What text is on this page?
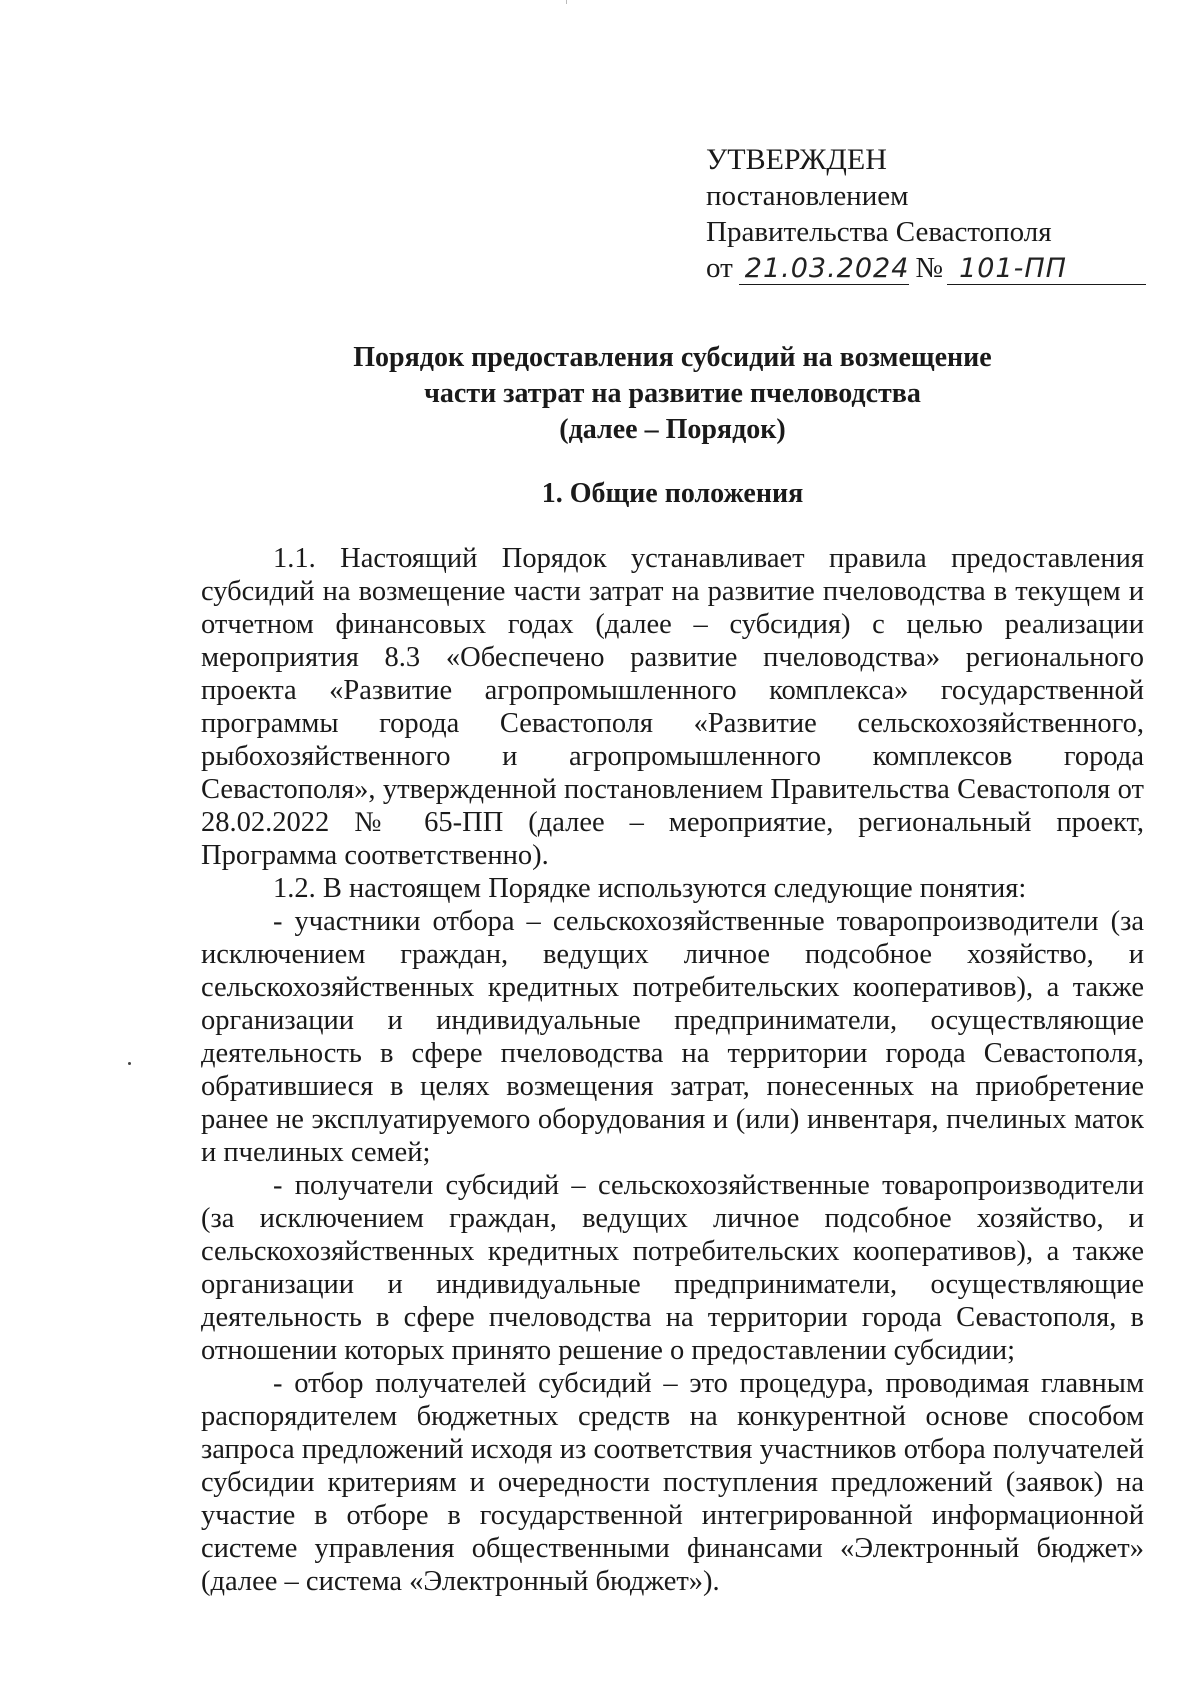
УТВЕРЖДЕН
постановлением
Правительства Севастополя
от 21.03.2024 № 101-ПП
Порядок предоставления субсидий на возмещение
части затрат на развитие пчеловодства
(далее – Порядок)
1. Общие положения

1.1. Настоящий Порядок устанавливает правила предоставления субсидий на возмещение части затрат на развитие пчеловодства в текущем и отчетном финансовых годах (далее – субсидия) с целью реализации мероприятия 8.3 «Обеспечено развитие пчеловодства» регионального проекта «Развитие агропромышленного комплекса» государственной программы города Севастополя «Развитие сельскохозяйственного, рыбохозяйственного и агропромышленного комплексов города Севастополя», утвержденной постановлением Правительства Севастополя от 28.02.2022 № 65-ПП (далее – мероприятие, региональный проект, Программа соответственно).

1.2. В настоящем Порядке используются следующие понятия:

- участники отбора – сельскохозяйственные товаропроизводители (за исключением граждан, ведущих личное подсобное хозяйство, и сельскохозяйственных кредитных потребительских кооперативов), а также организации и индивидуальные предприниматели, осуществляющие деятельность в сфере пчеловодства на территории города Севастополя, обратившиеся в целях возмещения затрат, понесенных на приобретение ранее не эксплуатируемого оборудования и (или) инвентаря, пчелиных маток и пчелиных семей;

- получатели субсидий – сельскохозяйственные товаропроизводители (за исключением граждан, ведущих личное подсобное хозяйство, и сельскохозяйственных кредитных потребительских кооперативов), а также организации и индивидуальные предприниматели, осуществляющие деятельность в сфере пчеловодства на территории города Севастополя, в отношении которых принято решение о предоставлении субсидии;

- отбор получателей субсидий – это процедура, проводимая главным распорядителем бюджетных средств на конкурентной основе способом запроса предложений исходя из соответствия участников отбора получателей субсидии критериям и очередности поступления предложений (заявок) на участие в отборе в государственной интегрированной информационной системе управления общественными финансами «Электронный бюджет» (далее – система «Электронный бюджет»).
